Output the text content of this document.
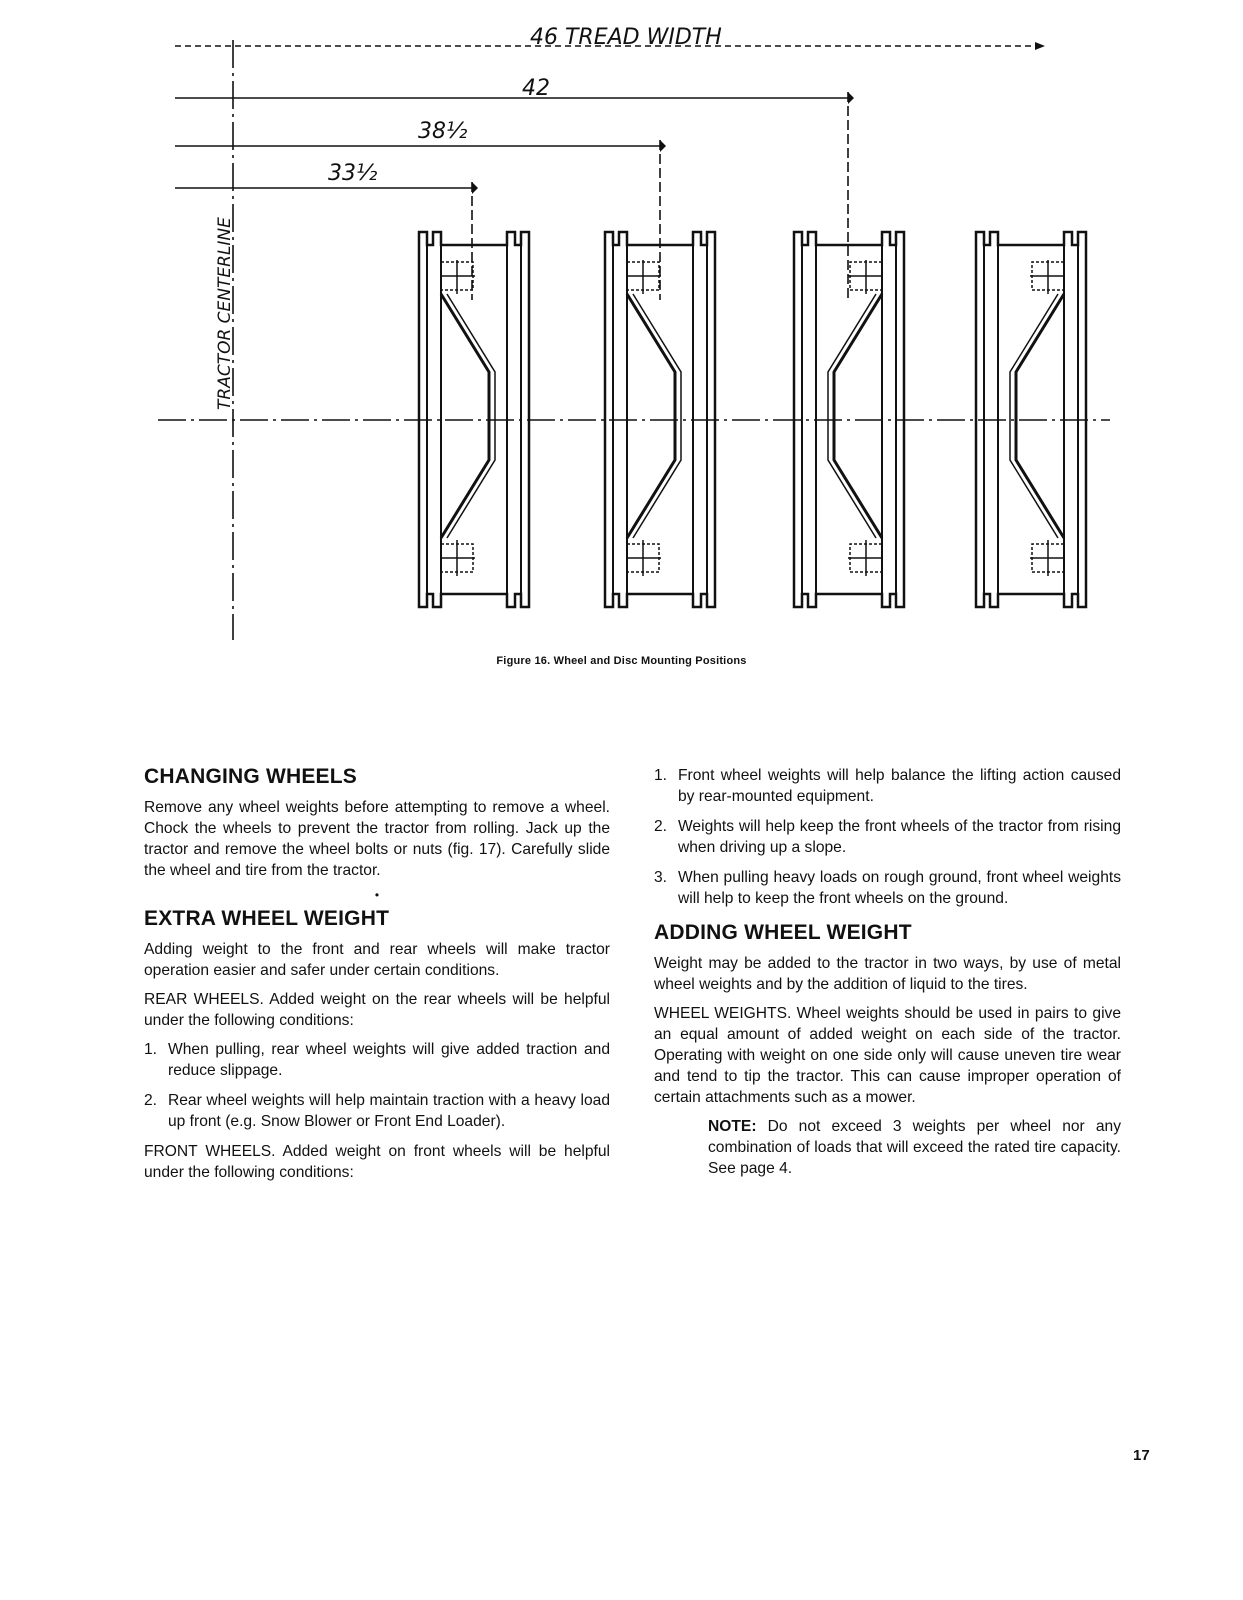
46 TREAD WIDTH
42
38½
33½
TRACTOR CENTERLINE
Figure 16. Wheel and Disc Mounting Positions
CHANGING WHEELS

Remove any wheel weights before attempting to remove a wheel. Chock the wheels to prevent the tractor from rolling. Jack up the tractor and remove the wheel bolts or nuts (fig. 17). Carefully slide the wheel and tire from the tractor.

•
EXTRA WHEEL WEIGHT

Adding weight to the front and rear wheels will make tractor operation easier and safer under certain conditions.

REAR WHEELS. Added weight on the rear wheels will be helpful under the following conditions:

1. When pulling, rear wheel weights will give added traction and reduce slippage.
2. Rear wheel weights will help maintain traction with a heavy load up front (e.g. Snow Blower or Front End Loader).

FRONT WHEELS. Added weight on front wheels will be helpful under the following conditions:

1. Front wheel weights will help balance the lifting action caused by rear-mounted equipment.
2. Weights will help keep the front wheels of the tractor from rising when driving up a slope.
3. When pulling heavy loads on rough ground, front wheel weights will help to keep the front wheels on the ground.
ADDING WHEEL WEIGHT

Weight may be added to the tractor in two ways, by use of metal wheel weights and by the addition of liquid to the tires.

WHEEL WEIGHTS. Wheel weights should be used in pairs to give an equal amount of added weight on each side of the tractor. Operating with weight on one side only will cause uneven tire wear and tend to tip the tractor. This can cause improper operation of certain attachments such as a mower.

NOTE: Do not exceed 3 weights per wheel nor any combination of loads that will exceed the rated tire capacity. See page 4.

17
